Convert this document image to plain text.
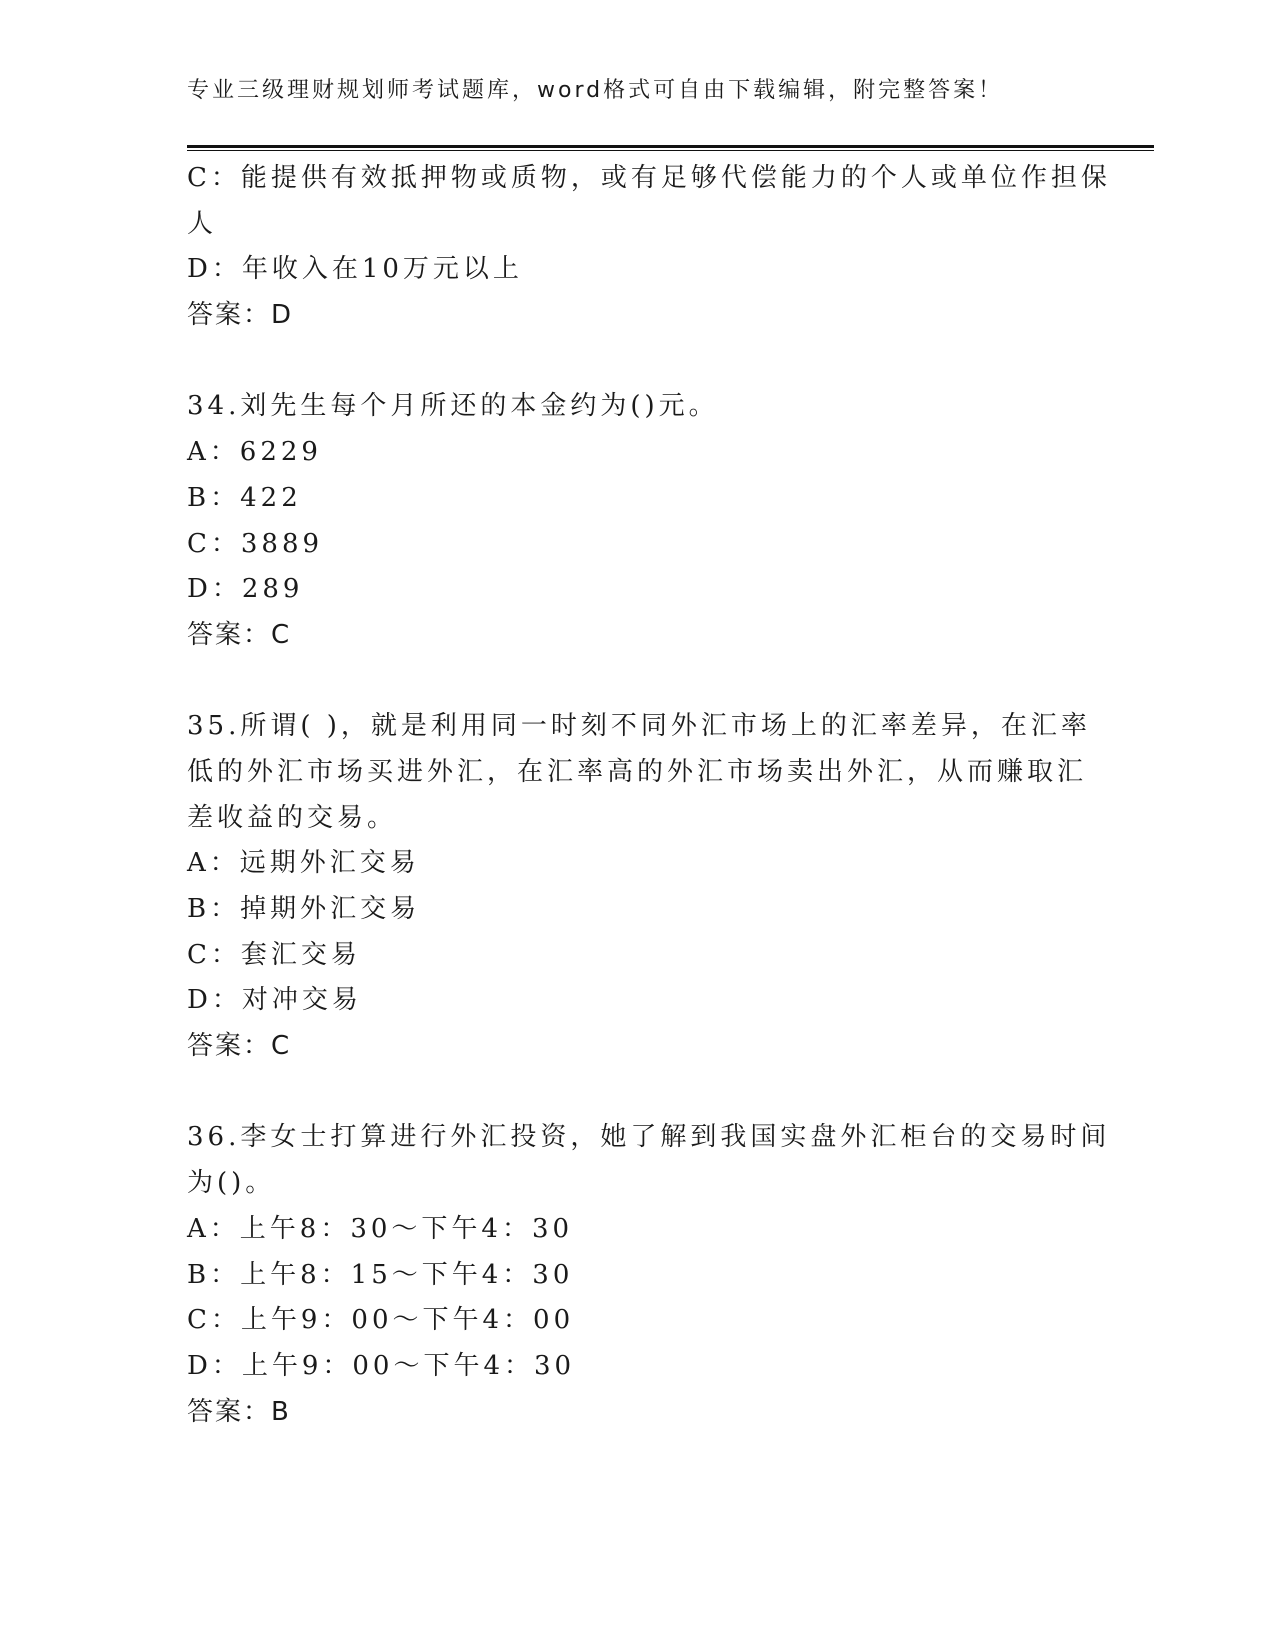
专业三级理财规划师考试题库，word格式可自由下载编辑，附完整答案！
C：能提供有效抵押物或质物，或有足够代偿能力的个人或单位作担保
人
D：年收入在10万元以上
答案：D
34.刘先生每个月所还的本金约为()元。
A：6229
B：422
C：3889
D：289
答案：C
35.所谓( )，就是利用同一时刻不同外汇市场上的汇率差异，在汇率
低的外汇市场买进外汇，在汇率高的外汇市场卖出外汇，从而赚取汇
差收益的交易。
A：远期外汇交易
B：掉期外汇交易
C：套汇交易
D：对冲交易
答案：C
36.李女士打算进行外汇投资，她了解到我国实盘外汇柜台的交易时间
为()。
A：上午8：30～下午4：30
B：上午8：15～下午4：30
C：上午9：00～下午4：00
D：上午9：00～下午4：30
答案：B
